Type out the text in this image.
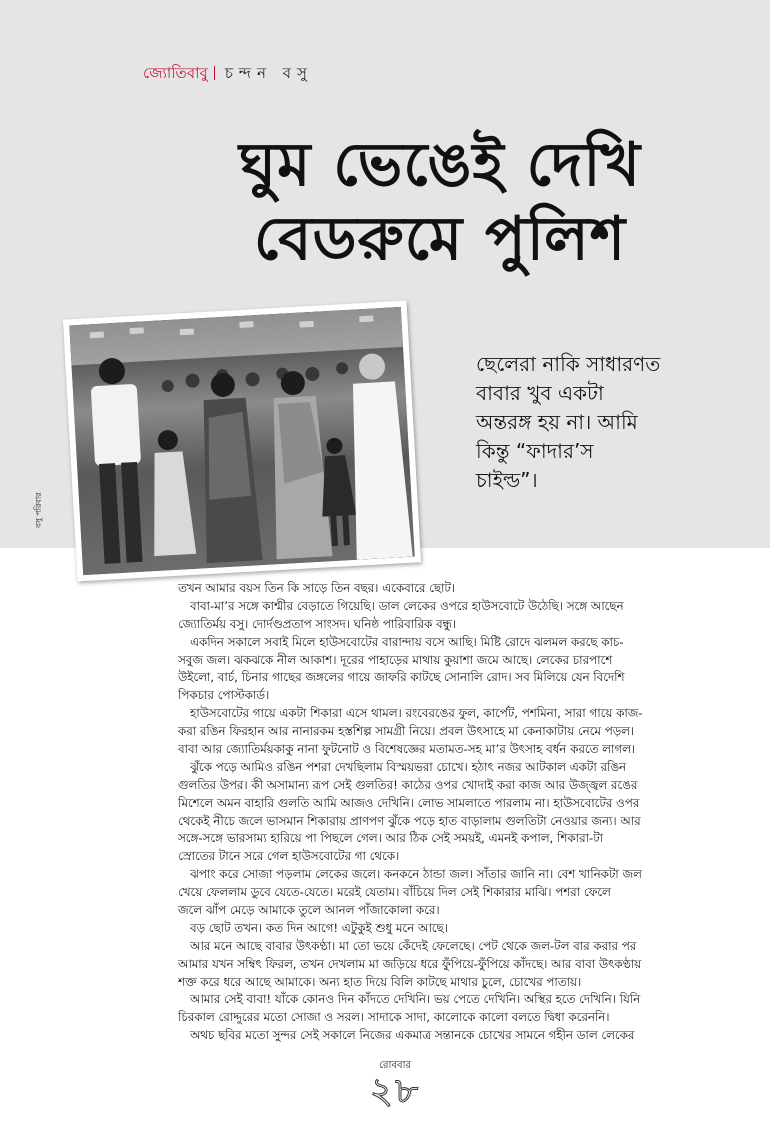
জ্যোতিবাবু চন্দন বসু
ঘুম ভেঙেই দেখি
বেডরুমে পুলিশ
বসু পরিবার
ছেলেরা নাকি সাধারণত
বাবার খুব একটা
অন্তরঙ্গ হয় না। আমি
কিন্তু “ফাদার’স
চাইল্ড”।
তখন আমার বয়স তিন কি সাড়ে তিন বছর। একেবারে ছোট।
বাবা-মা’র সঙ্গে কাশ্মীর বেড়াতে গিয়েছি। ডাল লেকের ওপরে হাউসবোটে উঠেছি। সঙ্গে আছেন
জ্যোতির্ময় বসু। দোর্দণ্ডপ্রতাপ সাংসদ। ঘনিষ্ঠ পারিবারিক বন্ধু।
একদিন সকালে সবাই মিলে হাউসবোটের বারান্দায় বসে আছি। মিষ্টি রোদে ঝলমল করছে কাচ-
সবুজ জল। ঝকঝকে নীল আকাশ। দূরের পাহাড়ের মাথায় কুয়াশা জমে আছে। লেকের চারপাশে
উইলো, বার্চ, চিনার গাছের জঙ্গলের গায়ে জাফরি কাটছে সোনালি রোদ। সব মিলিয়ে যেন বিদেশি
পিকচার পোস্টকার্ড।
হাউসবোটের গায়ে একটা শিকারা এসে থামল। রংবেরঙের ফুল, কার্পেট, পশমিনা, সারা গায়ে কাজ-
করা রঙিন ফিরহান আর নানারকম হস্তশিল্প সামগ্রী নিয়ে। প্রবল উৎসাহে মা কেনাকাটায় নেমে পড়ল।
বাবা আর জ্যোতির্ময়কাকু নানা ফুটনোট ও বিশেষজ্ঞের মতামত-সহ মা’র উৎসাহ বর্ধন করতে লাগল।
ঝুঁকে পড়ে আমিও রঙিন পশরা দেখছিলাম বিস্ময়ভরা চোখে। হঠাৎ নজর আটকাল একটা রঙিন
গুলতির উপর। কী অসামান্য রূপ সেই গুলতির! কাঠের ওপর খোদাই করা কাজ আর উজ্জ্বল রঙের
মিশেলে অমন বাহারি গুলতি আমি আজও দেখিনি। লোভ সামলাতে পারলাম না। হাউসবোটের ওপর
থেকেই নীচে জলে ভাসমান শিকারায় প্রাণপণ ঝুঁকে পড়ে হাত বাড়ালাম গুলতিটা নেওয়ার জন্য। আর
সঙ্গে-সঙ্গে ভারসাম্য হারিয়ে পা পিছলে গেল। আর ঠিক সেই সময়ই, এমনই কপাল, শিকারা-টা
স্রোতের টানে সরে গেল হাউসবোটের গা থেকে।
ঝপাং করে সোজা পড়লাম লেকের জলে। কনকনে ঠান্ডা জল। সাঁতার জানি না। বেশ খানিকটা জল
খেয়ে ফেললাম ডুবে যেতে-যেতে। মরেই যেতাম। বাঁচিয়ে দিল সেই শিকারার মাঝি। পশরা ফেলে
জলে ঝাঁপ মেড়ে আমাকে তুলে আনল পাঁজাকোলা করে।
বড় ছোট তখন। কত দিন আগে! এটুকুই শুধু মনে আছে।
আর মনে আছে বাবার উৎকণ্ঠা। মা তো ভয়ে কেঁদেই ফেলেছে। পেট থেকে জল-টল বার করার পর
আমার যখন সম্বিৎ ফিরল, তখন দেখলাম মা জড়িয়ে ধরে ফুঁপিয়ে-ফুঁপিয়ে কাঁদছে। আর বাবা উৎকণ্ঠায়
শক্ত করে ধরে আছে আমাকে। অন্য হাত দিয়ে বিলি কাটছে মাথার চুলে, চোখের পাতায়।
আমার সেই বাবা! যাঁকে কোনও দিন কাঁদতে দেখিনি। ভয় পেতে দেখিনি। অস্থির হতে দেখিনি। যিনি
চিরকাল রোদ্দুরের মতো সোজা ও সরল। সাদাকে সাদা, কালোকে কালো বলতে দ্বিধা করেননি।
অথচ ছবির মতো সুন্দর সেই সকালে নিজের একমাত্র সন্তানকে চোখের সামনে গহীন ডাল লেকের
রোববার
২৮
